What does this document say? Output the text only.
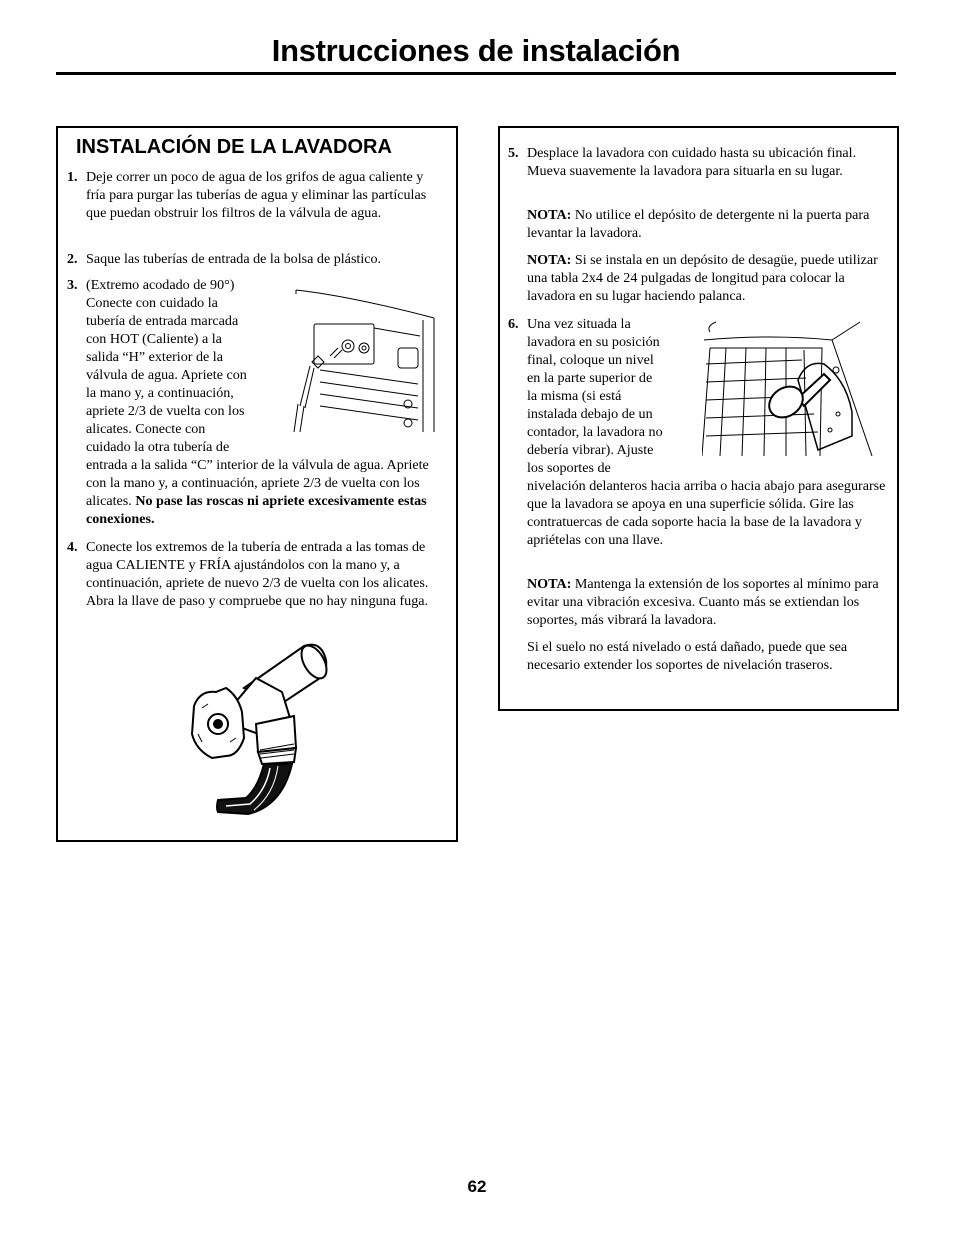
Instrucciones de instalación
INSTALACIÓN DE LA LAVADORA
1. Deje correr un poco de agua de los grifos de agua caliente y fría para purgar las tuberías de agua y eliminar las partículas que puedan obstruir los filtros de la válvula de agua.

2. Saque las tuberías de entrada de la bolsa de plástico.

3. (Extremo acodado de 90°)
Conecte con cuidado la
tubería de entrada marcada
con HOT (Caliente) a la
salida “H” exterior de la
válvula de agua. Apriete con
la mano y, a continuación,
apriete 2/3 de vuelta con los
alicates. Conecte con
cuidado la otra tubería de

entrada a la salida “C” interior de la válvula de agua. Apriete con la mano y, a continuación, apriete 2/3 de vuelta con los alicates. No pase las roscas ni apriete excesivamente estas conexiones.

4. Conecte los extremos de la tubería de entrada a las tomas de agua CALIENTE y FRÍA ajustándolos con la mano y, a continuación, apriete de nuevo 2/3 de vuelta con los alicates. Abra la llave de paso y compruebe que no hay ninguna fuga.

5. Desplace la lavadora con cuidado hasta su ubicación final. Mueva suavemente la lavadora para situarla en su lugar.

NOTA: No utilice el depósito de detergente ni la puerta para levantar la lavadora.
NOTA: Si se instala en un depósito de desagüe, puede utilizar una tabla 2x4 de 24 pulgadas de longitud para colocar la lavadora en su lugar haciendo palanca.
6. Una vez situada la
lavadora en su posición
final, coloque un nivel
en la parte superior de
la misma (si está
instalada debajo de un
contador, la lavadora no
debería vibrar). Ajuste
los soportes de

nivelación delanteros hacia arriba o hacia abajo para asegurarse que la lavadora se apoya en una superficie sólida. Gire las contratuercas de cada soporte hacia la base de la lavadora y apriételas con una llave.

NOTA: Mantenga la extensión de los soportes al mínimo para evitar una vibración excesiva. Cuanto más se extiendan los soportes, más vibrará la lavadora.
Si el suelo no está nivelado o está dañado, puede que sea necesario extender los soportes de nivelación traseros.
62
